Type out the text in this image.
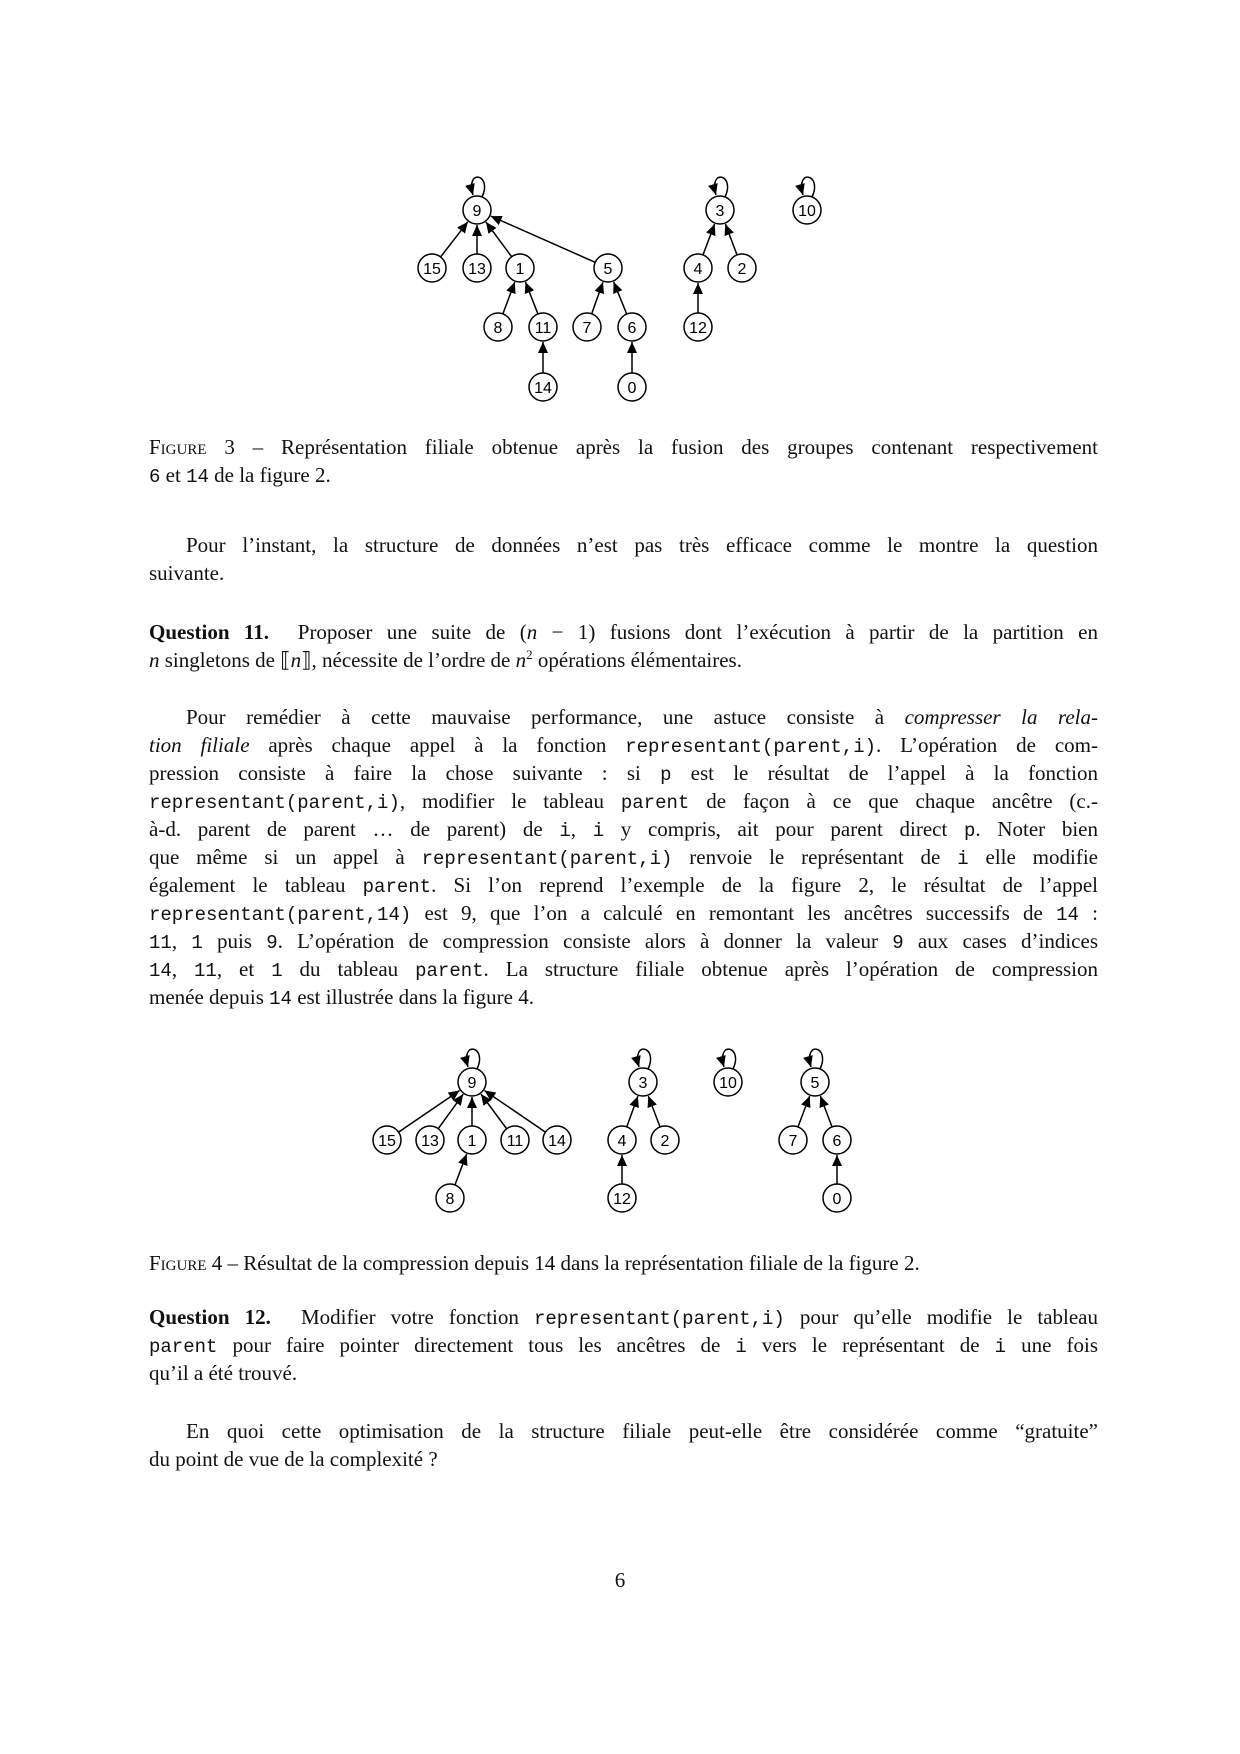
0
1	2
3
4
5
6
7
8
9	10
11	12
13
14
15
Figure 3 – Représentation filiale obtenue après la fusion des groupes contenant respectivement
6 et 14 de la figure 2.
Pour l’instant, la structure de données n’est pas très efficace comme le montre la question
suivante.
Question 11.  Proposer une suite de (n − 1) fusions dont l’exécution à partir de la partition en
n singletons de ⟦n⟧, nécessite de l’ordre de $n^2$ opérations élémentaires.
Pour remédier à cette mauvaise performance, une astuce consiste à compresser la rela-
tion filiale après chaque appel à la fonction representant(parent,i). L’opération de com-
pression consiste à faire la chose suivante : si p est le résultat de l’appel à la fonction
representant(parent,i), modifier le tableau parent de façon à ce que chaque ancêtre (c.-
à-d. parent de parent … de parent) de i, i y compris, ait pour parent direct p. Noter bien
que même si un appel à representant(parent,i) renvoie le représentant de i elle modifie
également le tableau parent. Si l’on reprend l’exemple de la figure 2, le résultat de l’appel
representant(parent,14) est 9, que l’on a calculé en remontant les ancêtres successifs de 14 :
11, 1 puis 9. L’opération de compression consiste alors à donner la valeur 9 aux cases d’indices
14, 11, et 1 du tableau parent. La structure filiale obtenue après l’opération de compression
menée depuis 14 est illustrée dans la figure 4.
0
1	2
3
4
5
6
7
8
9	10
11
12
13	14
15
Figure 4 – Résultat de la compression depuis 14 dans la représentation filiale de la figure 2.
Question 12.  Modifier votre fonction representant(parent,i) pour qu’elle modifie le tableau
parent pour faire pointer directement tous les ancêtres de i vers le représentant de i une fois
qu’il a été trouvé.
En quoi cette optimisation de la structure filiale peut-elle être considérée comme “gratuite”
du point de vue de la complexité ?
6
